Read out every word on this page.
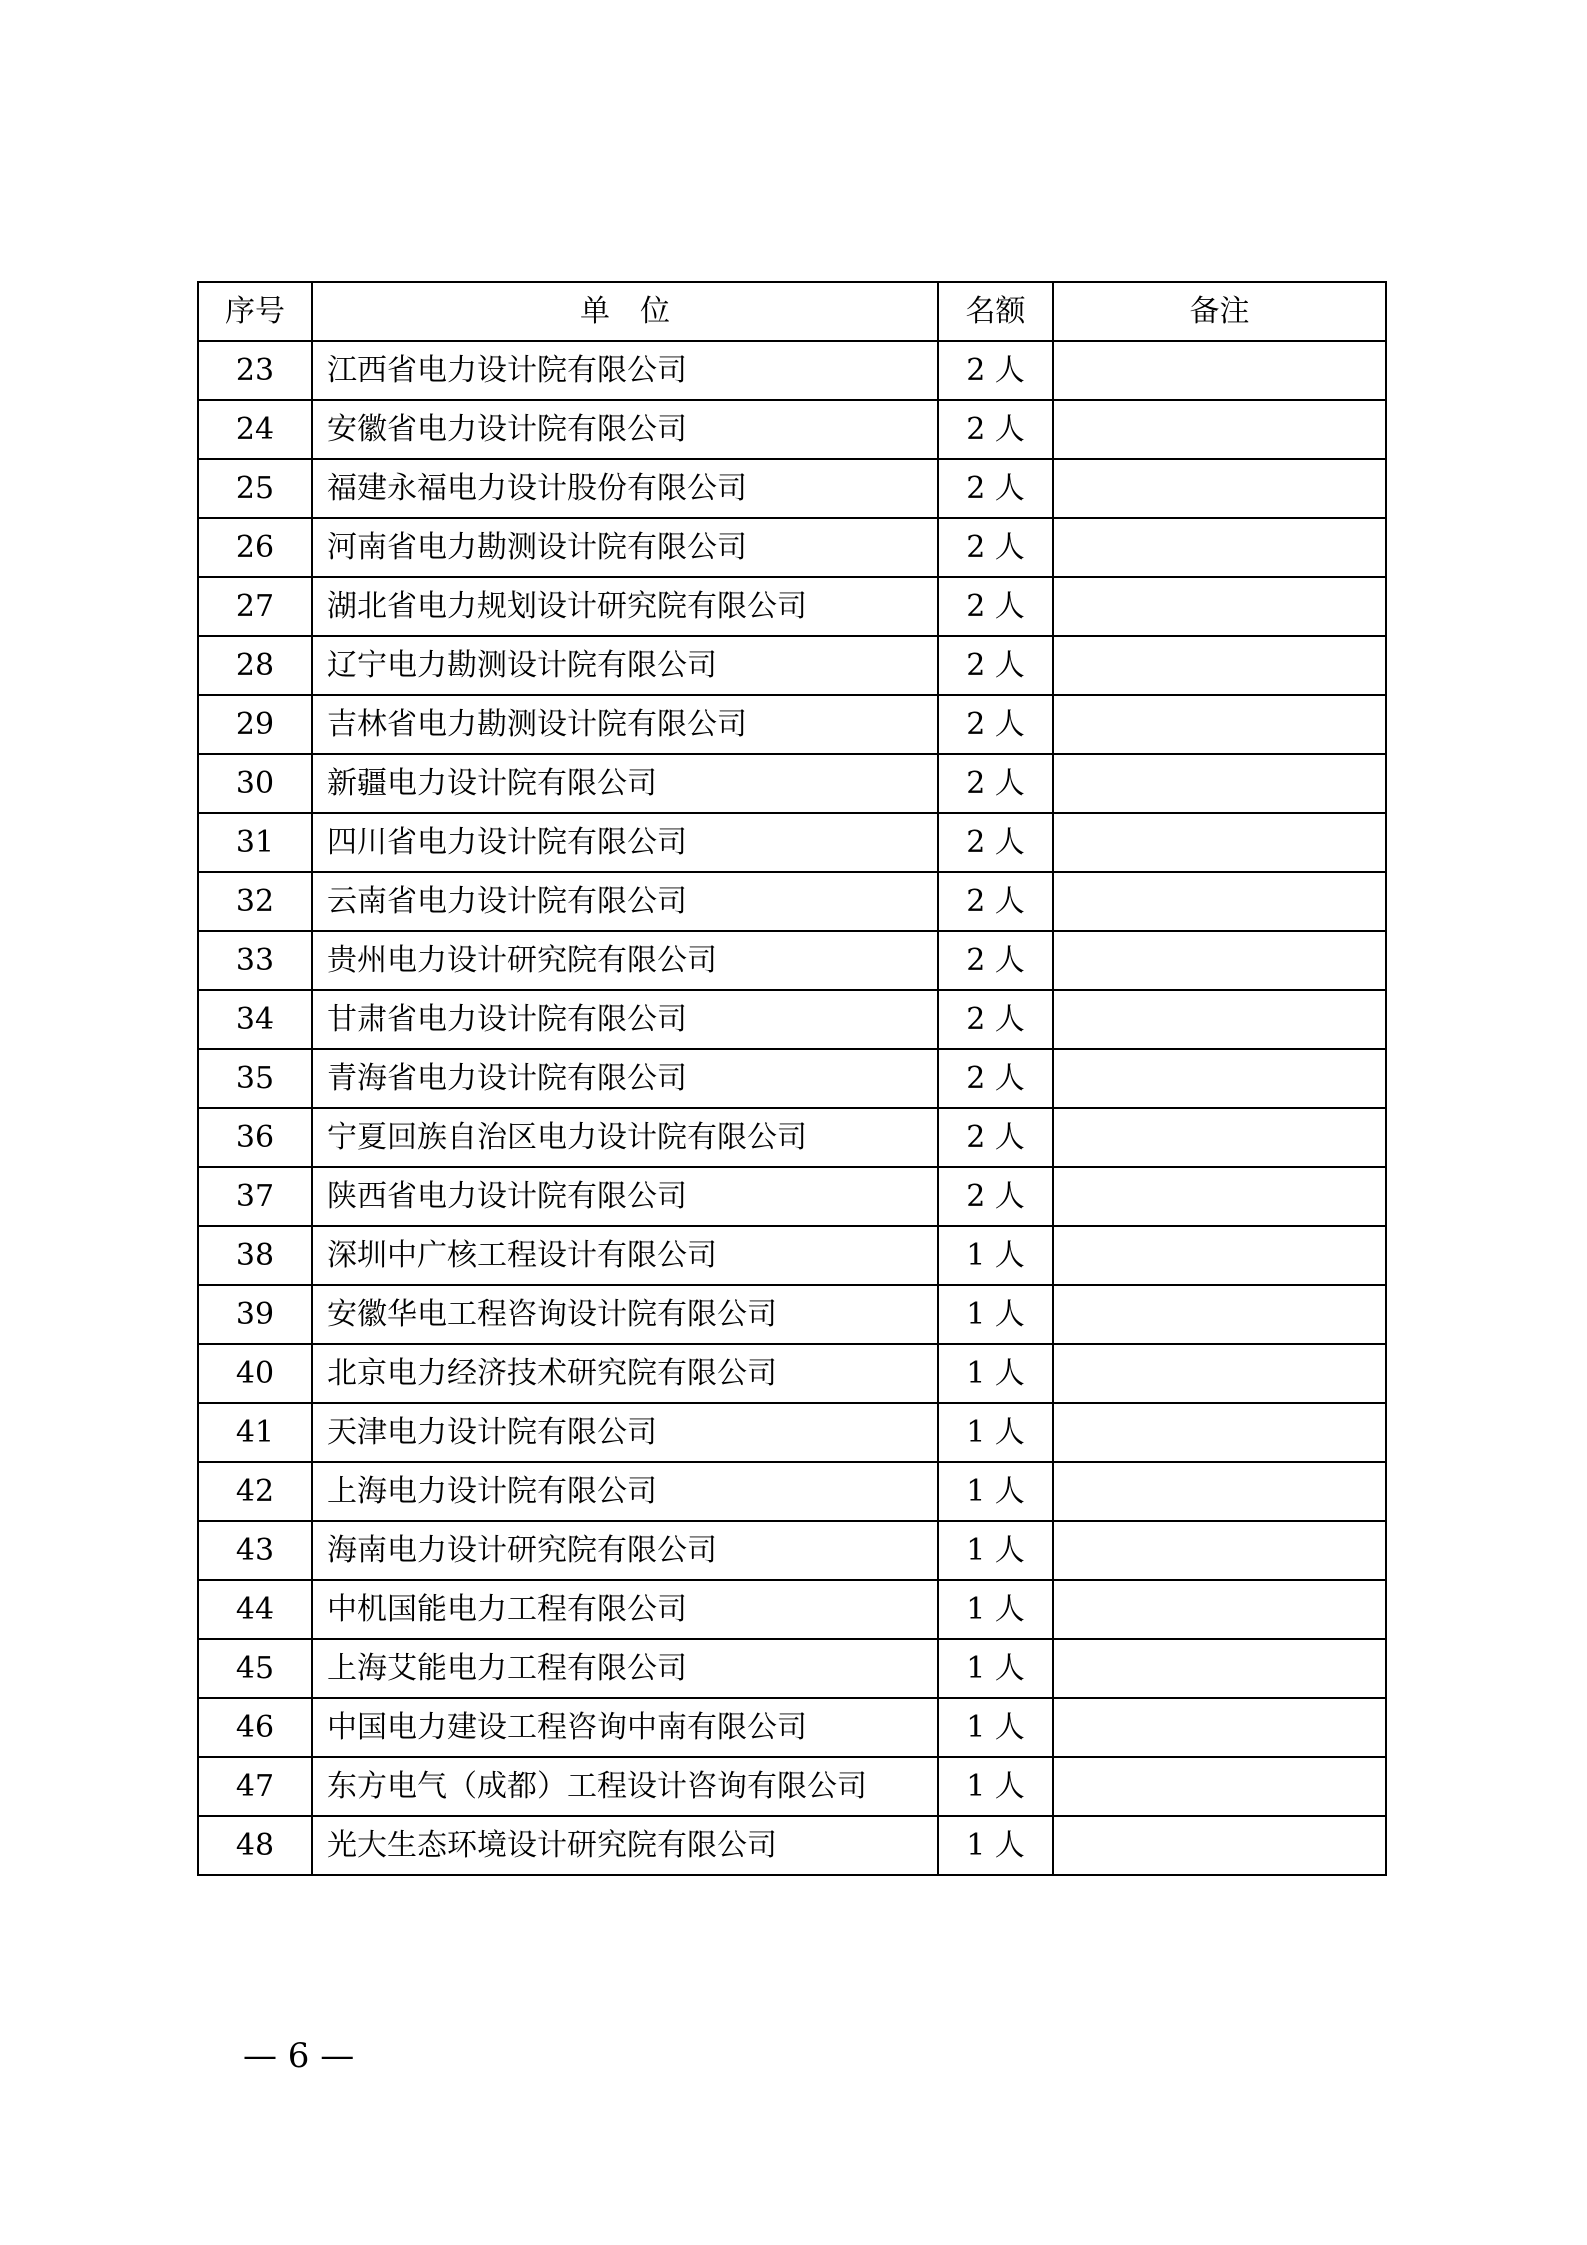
序号	单　位	名额	备注
23	江西省电力设计院有限公司	2 人	
24	安徽省电力设计院有限公司	2 人	
25	福建永福电力设计股份有限公司	2 人	
26	河南省电力勘测设计院有限公司	2 人	
27	湖北省电力规划设计研究院有限公司	2 人	
28	辽宁电力勘测设计院有限公司	2 人	
29	吉林省电力勘测设计院有限公司	2 人	
30	新疆电力设计院有限公司	2 人	
31	四川省电力设计院有限公司	2 人	
32	云南省电力设计院有限公司	2 人	
33	贵州电力设计研究院有限公司	2 人	
34	甘肃省电力设计院有限公司	2 人	
35	青海省电力设计院有限公司	2 人	
36	宁夏回族自治区电力设计院有限公司	2 人	
37	陕西省电力设计院有限公司	2 人	
38	深圳中广核工程设计有限公司	1 人	
39	安徽华电工程咨询设计院有限公司	1 人	
40	北京电力经济技术研究院有限公司	1 人	
41	天津电力设计院有限公司	1 人	
42	上海电力设计院有限公司	1 人	
43	海南电力设计研究院有限公司	1 人	
44	中机国能电力工程有限公司	1 人	
45	上海艾能电力工程有限公司	1 人	
46	中国电力建设工程咨询中南有限公司	1 人	
47	东方电气（成都）工程设计咨询有限公司	1 人	
48	光大生态环境设计研究院有限公司	1 人	
— 6 —
